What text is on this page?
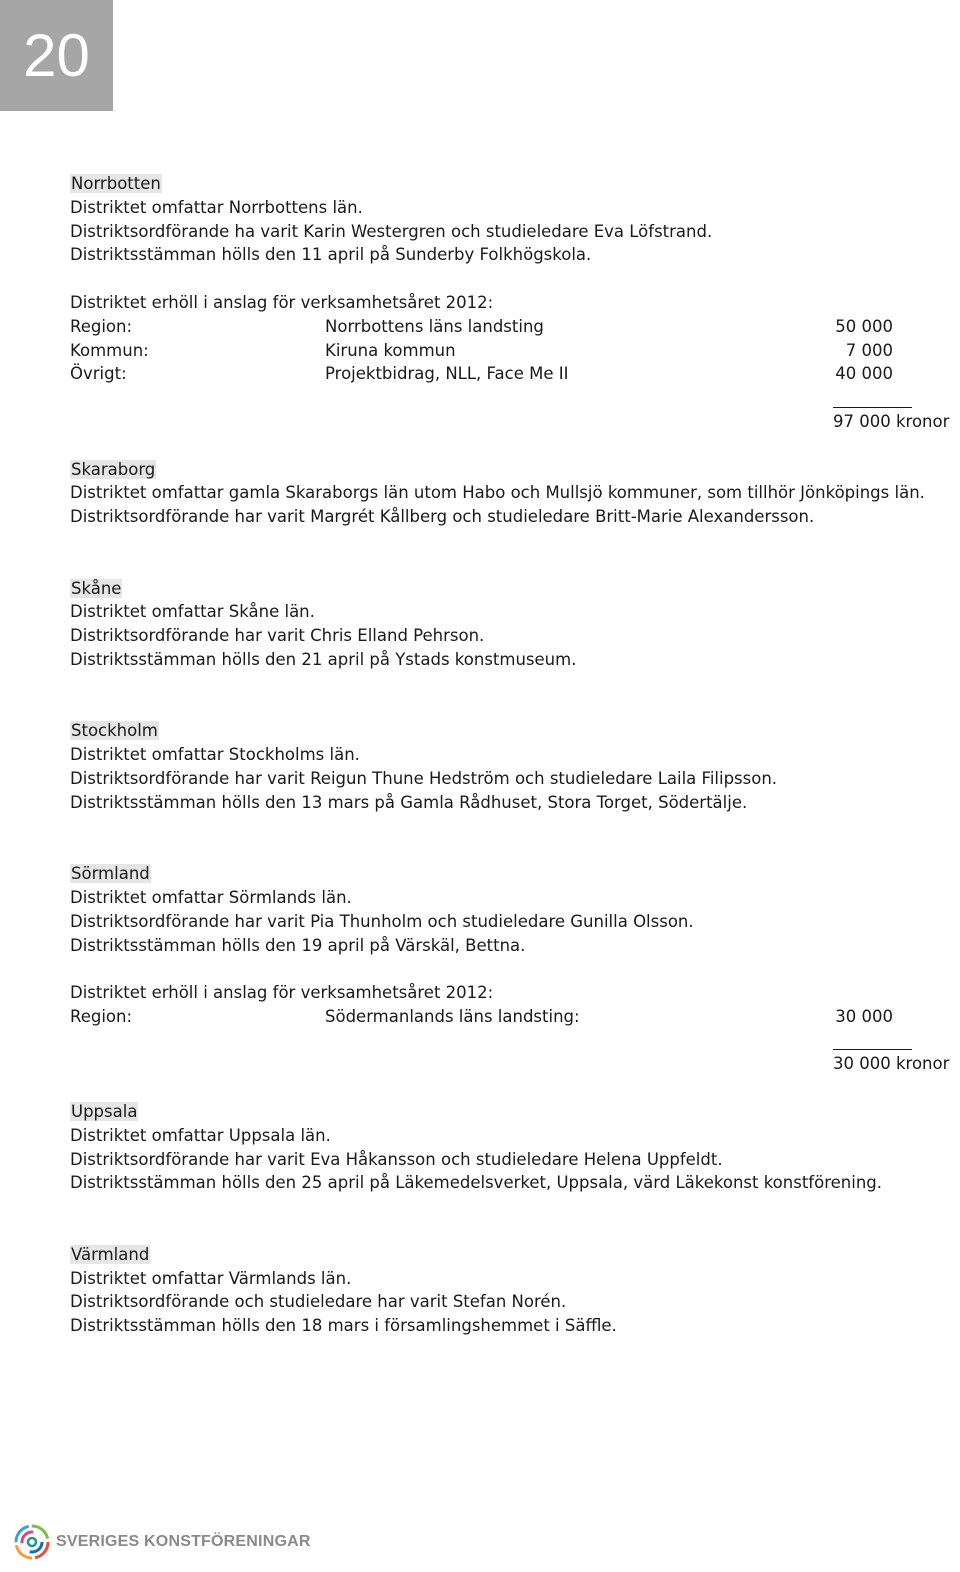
20
Norrbotten
Distriktet omfattar Norrbottens län.
Distriktsordförande ha varit Karin Westergren och studieledare Eva Löfstrand.
Distriktsstämman hölls den 11 april på Sunderby Folkhögskola.
Distriktet erhöll i anslag för verksamhetsåret 2012:
Region:	Norrbottens läns landsting	50 000
Kommun:	Kiruna kommun	7 000
Övrigt:	Projektbidrag, NLL, Face Me II	40 000
97 000 kronor
Skaraborg
Distriktet omfattar gamla Skaraborgs län utom Habo och Mullsjö kommuner, som tillhör Jönköpings län.
Distriktsordförande har varit Margrét Kållberg och studieledare Britt-Marie Alexandersson.
Skåne
Distriktet omfattar Skåne län.
Distriktsordförande har varit Chris Elland Pehrson.
Distriktsstämman hölls den 21 april på Ystads konstmuseum.
Stockholm
Distriktet omfattar Stockholms län.
Distriktsordförande har varit Reigun Thune Hedström och studieledare Laila Filipsson.
Distriktsstämman hölls den 13 mars på Gamla Rådhuset, Stora Torget, Södertälje.
Sörmland
Distriktet omfattar Sörmlands län.
Distriktsordförande har varit Pia Thunholm och studieledare Gunilla Olsson.
Distriktsstämman hölls den 19 april på Värskäl, Bettna.
Distriktet erhöll i anslag för verksamhetsåret 2012:
Region:	Södermanlands läns landsting:	30 000
30 000 kronor
Uppsala
Distriktet omfattar Uppsala län.
Distriktsordförande har varit Eva Håkansson och studieledare Helena Uppfeldt.
Distriktsstämman hölls den 25 april på Läkemedelsverket, Uppsala, värd Läkekonst konstförening.
Värmland
Distriktet omfattar Värmlands län.
Distriktsordförande och studieledare har varit Stefan Norén.
Distriktsstämman hölls den 18 mars i församlingshemmet i Säffle.
SVERIGES KONSTFÖRENINGAR
